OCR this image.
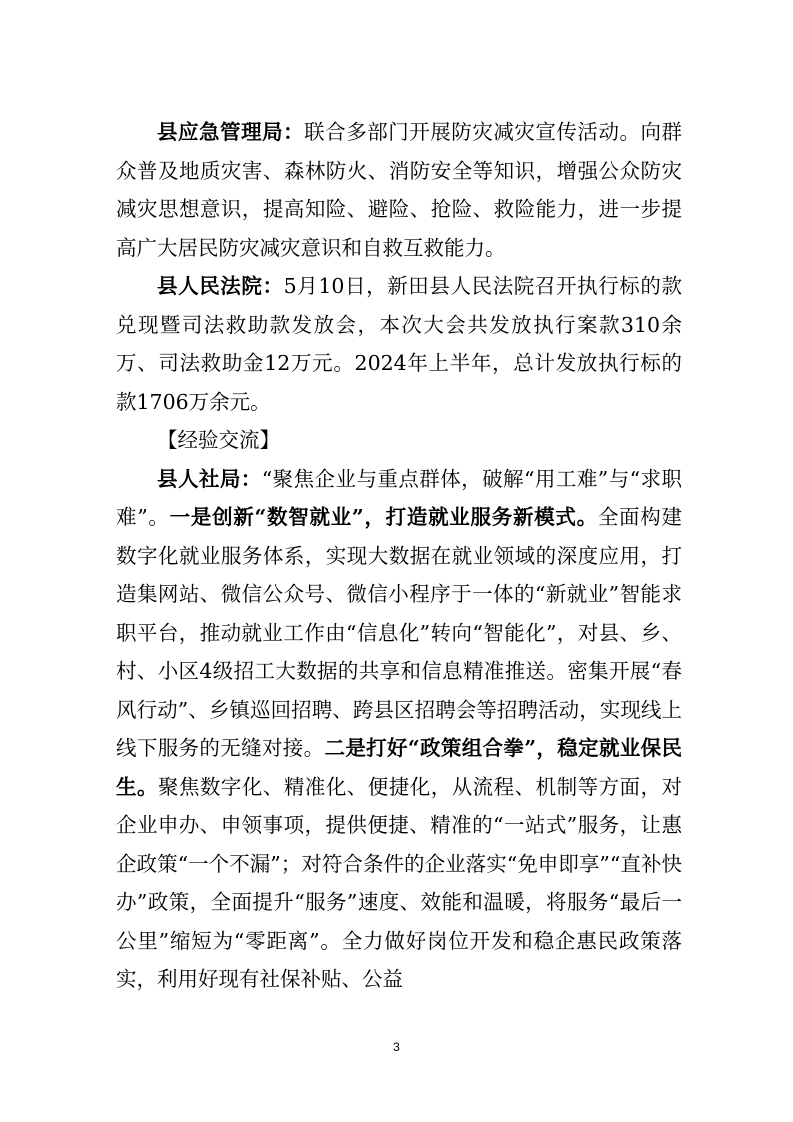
县应急管理局：联合多部门开展防灾减灾宣传活动。向群众普及地质灾害、森林防火、消防安全等知识，增强公众防灾减灾思想意识，提高知险、避险、抢险、救险能力，进一步提高广大居民防灾减灾意识和自救互救能力。

县人民法院：5月10日，新田县人民法院召开执行标的款兑现暨司法救助款发放会，本次大会共发放执行案款310余万、司法救助金12万元。2024年上半年，总计发放执行标的款1706万余元。

【经验交流】

县人社局：“聚焦企业与重点群体，破解“用工难”与“求职难”。一是创新“数智就业”，打造就业服务新模式。全面构建数字化就业服务体系，实现大数据在就业领域的深度应用，打造集网站、微信公众号、微信小程序于一体的“新就业”智能求职平台，推动就业工作由“信息化”转向“智能化”，对县、乡、村、小区4级招工大数据的共享和信息精准推送。密集开展“春风行动”、乡镇巡回招聘、跨县区招聘会等招聘活动，实现线上线下服务的无缝对接。二是打好“政策组合拳”，稳定就业保民生。聚焦数字化、精准化、便捷化，从流程、机制等方面，对企业申办、申领事项，提供便捷、精准的“一站式”服务，让惠企政策“一个不漏”；对符合条件的企业落实“免申即享”“直补快办”政策，全面提升“服务”速度、效能和温暖，将服务“最后一公里”缩短为“零距离”。全力做好岗位开发和稳企惠民政策落实，利用好现有社保补贴、公益

3
